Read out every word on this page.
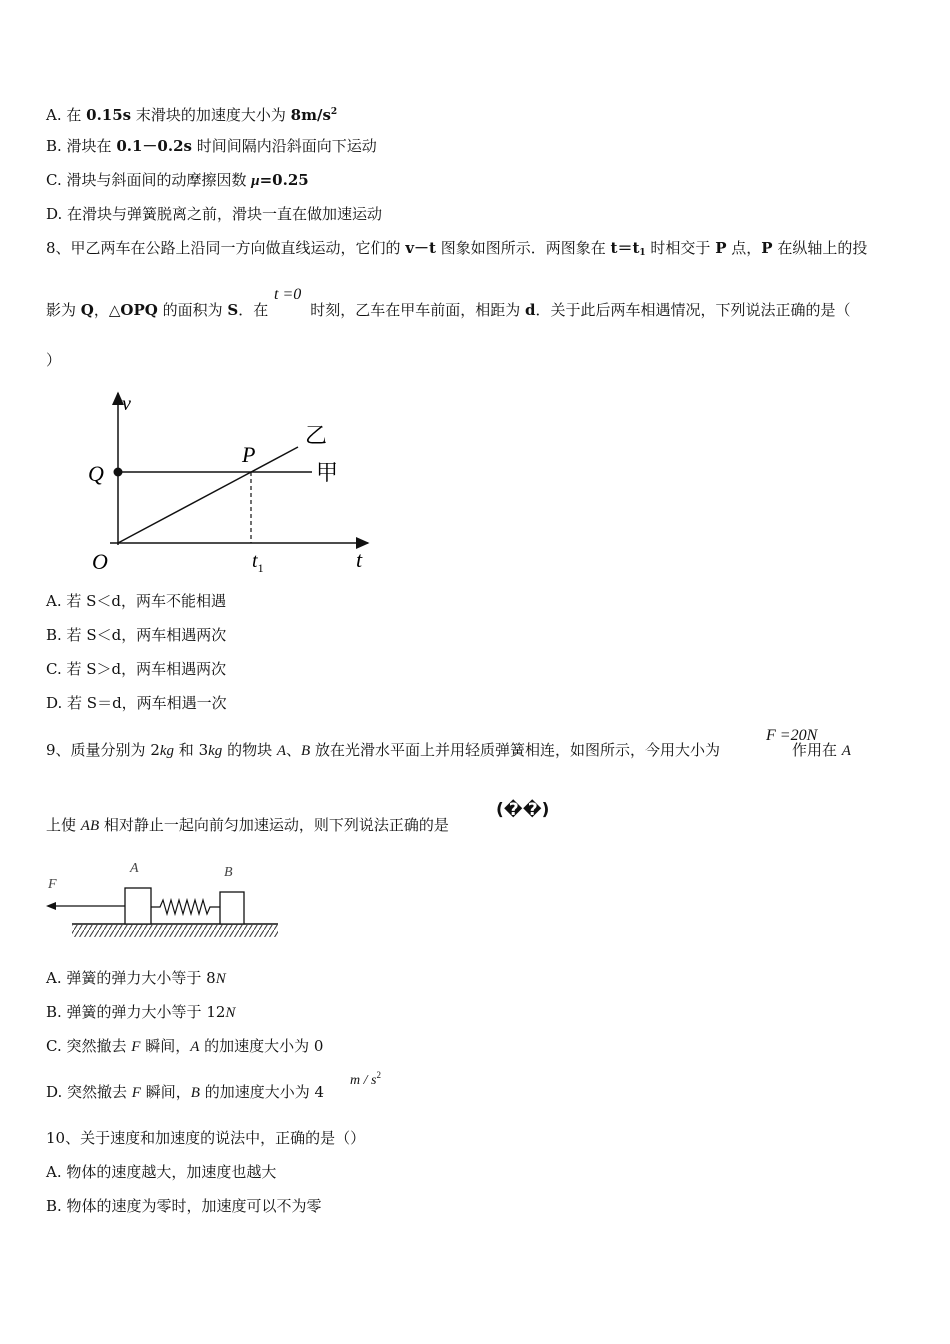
A. 在 0.15s 末滑块的加速度大小为 $8m/s^2$
B. 滑块在 0.1－0.2s 时间间隔内沿斜面向下运动
C. 滑块与斜面间的动摩擦因数 μ=0.25
D. 在滑块与弹簧脱离之前，滑块一直在做加速运动
8、甲乙两车在公路上沿同一方向做直线运动，它们的 v－t 图象如图所示．两图象在 $t=t_1$ 时相交于 P 点，P 在纵轴上的投
影为 Q，△OPQ 的面积为 S．在	时刻，乙车在甲车前面，相距为 d．关于此后两车相遇情况，下列说法正确的是（
t =0
）
v
Q
P
乙
甲
O	$t_1$	t
A. 若 S＜d，两车不能相遇
B. 若 S＜d，两车相遇两次
C. 若 S＞d，两车相遇两次
D. 若 S＝d，两车相遇一次
9、质量分别为 2kg 和 3kg 的物块 A、B 放在光滑水平面上并用轻质弹簧相连，如图所示，今用大小为	作用在 A
F =20N
上使 AB 相对静止一起向前匀加速运动，则下列说法正确的是
(��)
F
A	B
A. 弹簧的弹力大小等于 8N
B. 弹簧的弹力大小等于 12N
C. 突然撤去 F 瞬间，A 的加速度大小为 0
D. 突然撤去 F 瞬间，B 的加速度大小为 4
m / $s^2$
10、关于速度和加速度的说法中，正确的是（）
A. 物体的速度越大，加速度也越大
B. 物体的速度为零时，加速度可以不为零
